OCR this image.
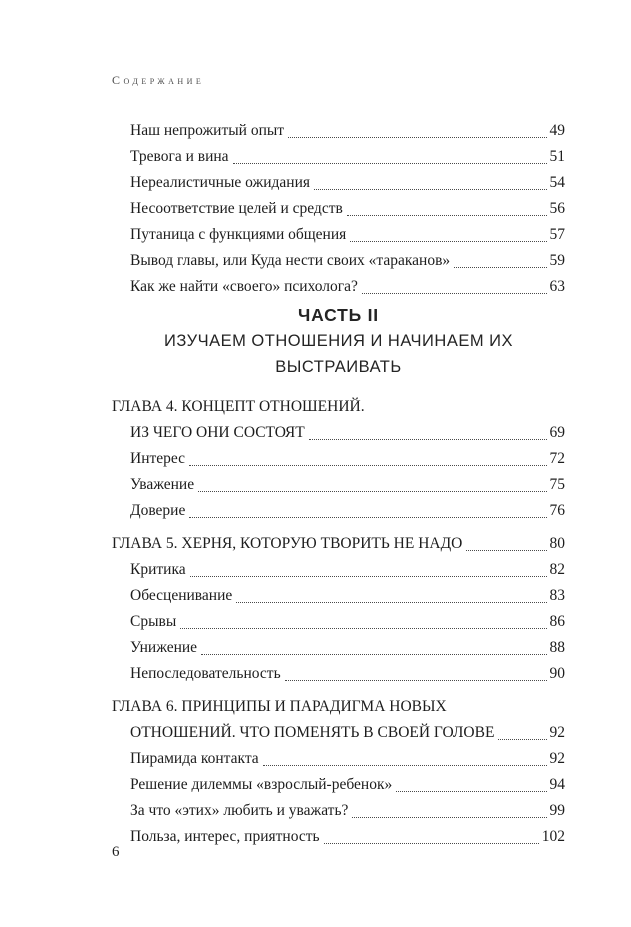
Содержание
Наш непрожитый опыт	49
Тревога и вина	51
Нереалистичные ожидания	54
Несоответствие целей и средств	56
Путаница с функциями общения	57
Вывод главы, или Куда нести своих «тараканов»	59
Как же найти «своего» психолога?	63
ЧАСТЬ II
ИЗУЧАЕМ ОТНОШЕНИЯ И НАЧИНАЕМ ИХ
ВЫСТРАИВАТЬ
ГЛАВА 4. КОНЦЕПТ ОТНОШЕНИЙ.
ИЗ ЧЕГО ОНИ СОСТОЯТ	69
Интерес	72
Уважение	75
Доверие	76
ГЛАВА 5. ХЕРНЯ, КОТОРУЮ ТВОРИТЬ НЕ НАДО	80
Критика	82
Обесценивание	83
Срывы	86
Унижение	88
Непоследовательность	90
ГЛАВА 6. ПРИНЦИПЫ И ПАРАДИГМА НОВЫХ
ОТНОШЕНИЙ. ЧТО ПОМЕНЯТЬ В СВОЕЙ ГОЛОВЕ	92
Пирамида контакта	92
Решение дилеммы «взрослый-ребенок»	94
За что «этих» любить и уважать?	99
Польза, интерес, приятность	102
6
